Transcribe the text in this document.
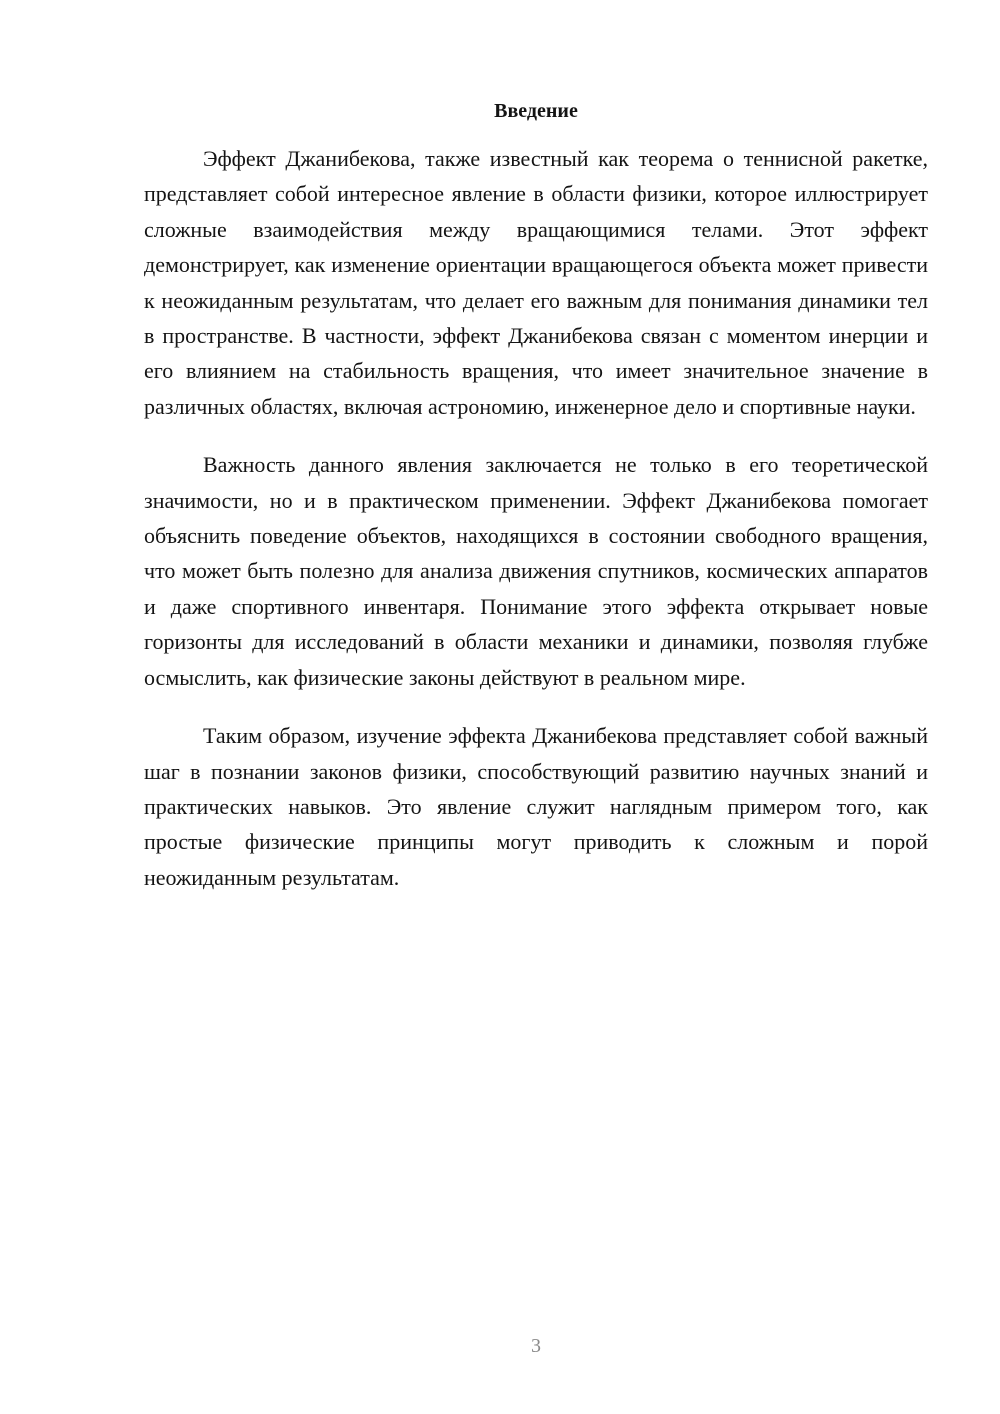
Введение

Эффект Джанибекова, также известный как теорема о теннисной ракетке, представляет собой интересное явление в области физики, которое иллюстрирует сложные взаимодействия между вращающимися телами. Этот эффект демонстрирует, как изменение ориентации вращающегося объекта может привести к неожиданным результатам, что делает его важным для понимания динамики тел в пространстве. В частности, эффект Джанибекова связан с моментом инерции и его влиянием на стабильность вращения, что имеет значительное значение в различных областях, включая астрономию, инженерное дело и спортивные науки.

Важность данного явления заключается не только в его теоретической значимости, но и в практическом применении. Эффект Джанибекова помогает объяснить поведение объектов, находящихся в состоянии свободного вращения, что может быть полезно для анализа движения спутников, космических аппаратов и даже спортивного инвентаря. Понимание этого эффекта открывает новые горизонты для исследований в области механики и динамики, позволяя глубже осмыслить, как физические законы действуют в реальном мире.

Таким образом, изучение эффекта Джанибекова представляет собой важный шаг в познании законов физики, способствующий развитию научных знаний и практических навыков. Это явление служит наглядным примером того, как простые физические принципы могут приводить к сложным и порой неожиданным результатам.

3
